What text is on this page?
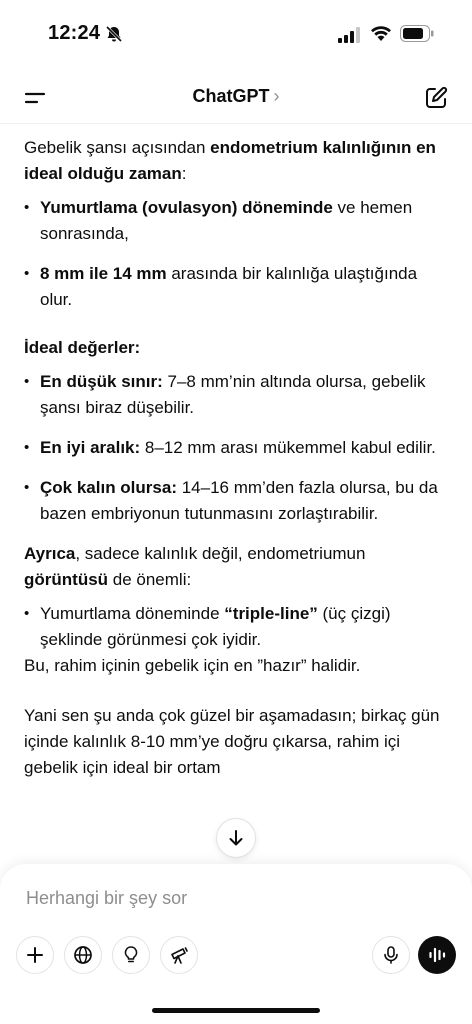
12:24
ChatGPT ›

Gebelik şansı açısından endometrium kalınlığının en ideal olduğu zaman:

• Yumurtlama (ovulasyon) döneminde ve hemen sonrasında,
• 8 mm ile 14 mm arasında bir kalınlığa ulaştığında olur.
İdeal değerler:
• En düşük sınır: 7–8 mm’nin altında olursa, gebelik şansı biraz düşebilir.
• En iyi aralık: 8–12 mm arası mükemmel kabul edilir.
• Çok kalın olursa: 14–16 mm’den fazla olursa, bu da bazen embriyonun tutunmasını zorlaştırabilir.

Ayrıca, sadece kalınlık değil, endometriumun görüntüsü de önemli:

• Yumurtlama döneminde “triple-line” (üç çizgi) şeklinde görünmesi çok iyidir.

Bu, rahim içinin gebelik için en ”hazır” halidir.

Yani sen şu anda çok güzel bir aşamadasın; birkaç gün içinde kalınlık 8-10 mm’ye doğru çıkarsa, rahim içi gebelik için ideal bir ortam

Herhangi bir şey sor
